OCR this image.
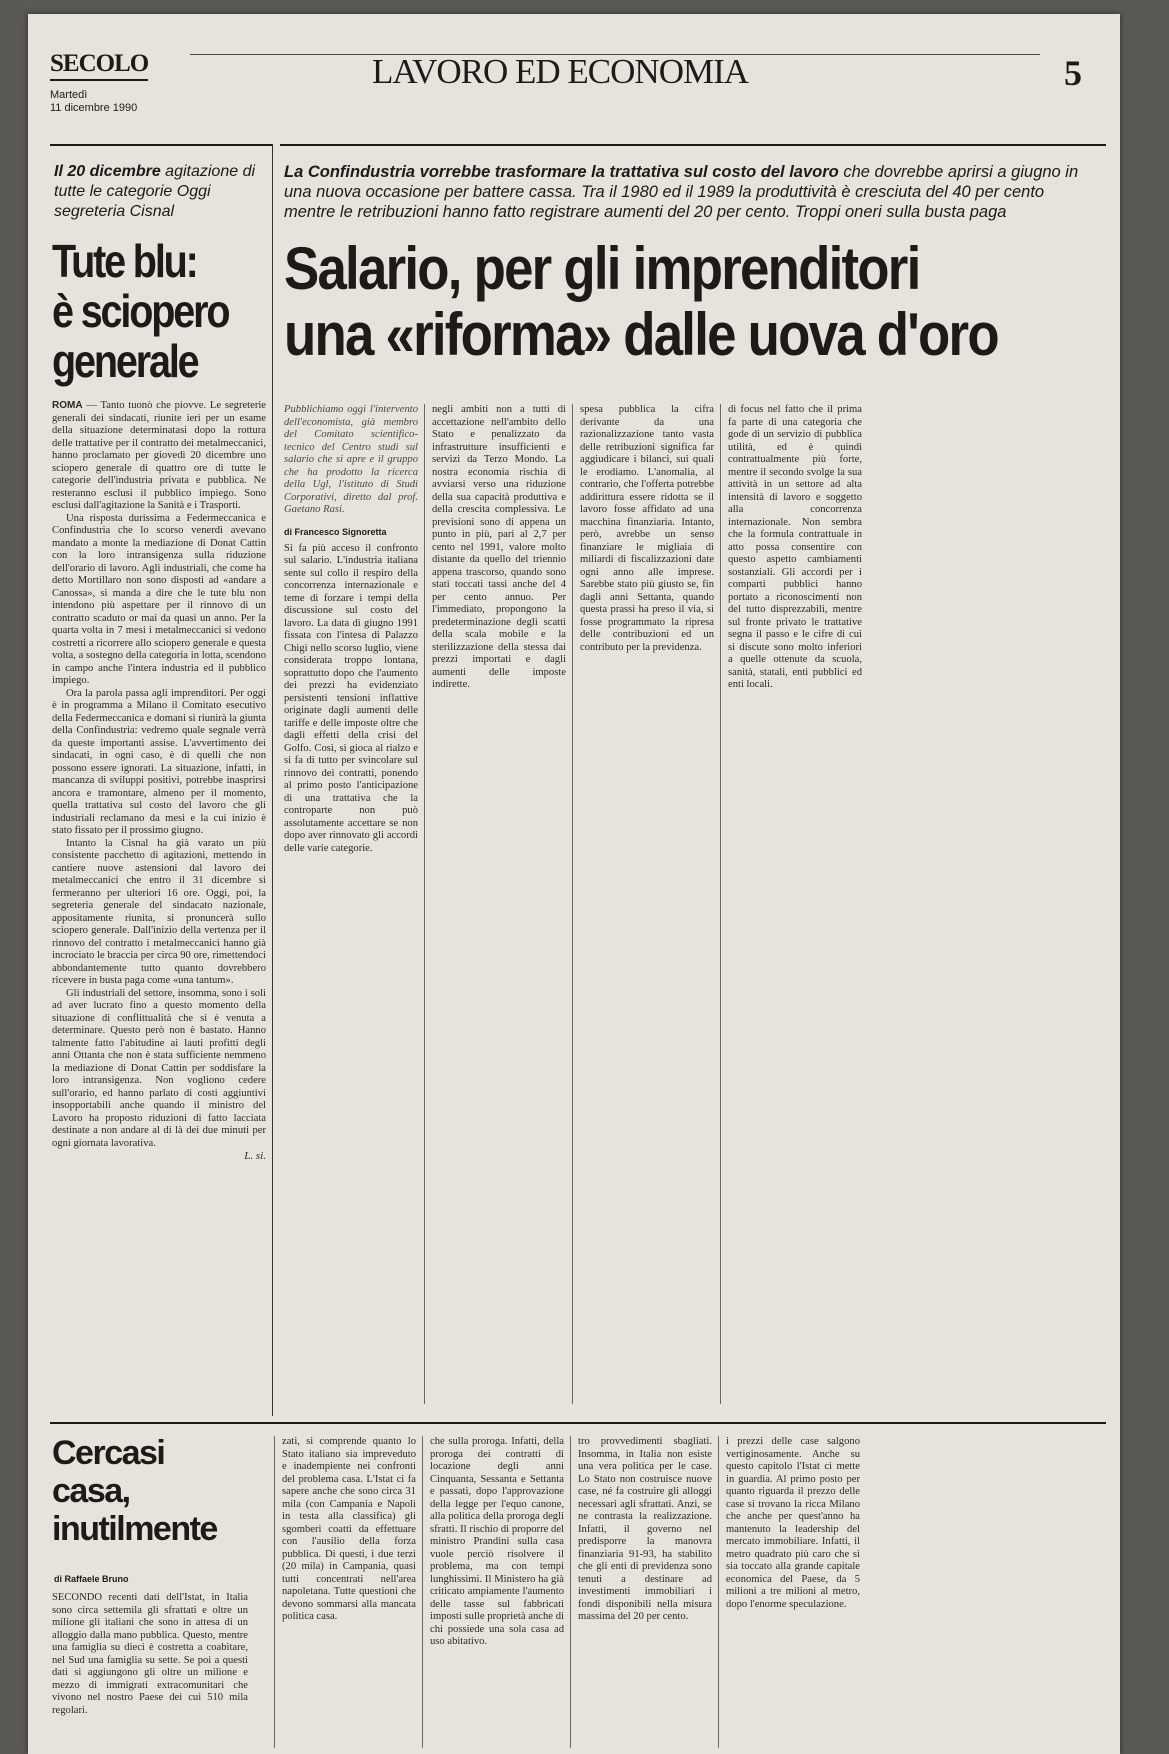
SECOLO
Martedì
11 dicembre 1990
LAVORO ED ECONOMIA	5
Il 20 dicembre agitazione di tutte le categorie Oggi segreteria Cisnal
Tute blu:
è sciopero
generale

ROMA — Tanto tuonò che piovve. Le segreterie generali dei sindacati, riunite ieri per un esame della situazione determinatasi dopo la rottura delle trattative per il contratto dei metalmeccanici, hanno proclamato per giovedì 20 dicembre uno sciopero generale di quattro ore di tutte le categorie dell'industria privata e pubblica. Ne resteranno esclusi il pubblico impiego. Sono esclusi dall'agitazione la Sanità e i Trasporti.

Una risposta durissima a Federmeccanica e Confindustria che lo scorso venerdì avevano mandato a monte la mediazione di Donat Cattin con la loro intransigenza sulla riduzione dell'orario di lavoro. Agli industriali, che come ha detto Mortillaro non sono disposti ad «andare a Canossa», si manda a dire che le tute blu non intendono più aspettare per il rinnovo di un contratto scaduto or mai da quasi un anno. Per la quarta volta in 7 mesi i metalmeccanici si vedono costretti a ricorrere allo sciopero generale e questa volta, a sostegno della categoria in lotta, scendono in campo anche l'intera industria ed il pubblico impiego.

Ora la parola passa agli imprenditori. Per oggi è in programma a Milano il Comitato esecutivo della Federmeccanica e domani si riunirà la giunta della Confindustria: vedremo quale segnale verrà da queste importanti assise. L'avvertimento dei sindacati, in ogni caso, è di quelli che non possono essere ignorati. La situazione, infatti, in mancanza di sviluppi positivi, potrebbe inasprirsi ancora e tramontare, almeno per il momento, quella trattativa sul costo del lavoro che gli industriali reclamano da mesi e la cui inizio è stato fissato per il prossimo giugno.

Intanto la Cisnal ha già varato un più consistente pacchetto di agitazioni, mettendo in cantiere nuove astensioni dal lavoro dei metalmeccanici che entro il 31 dicembre si fermeranno per ulteriori 16 ore. Oggi, poi, la segreteria generale del sindacato nazionale, appositamente riunita, si pronuncerà sullo sciopero generale. Dall'inizio della vertenza per il rinnovo del contratto i metalmeccanici hanno già incrociato le braccia per circa 90 ore, rimettendoci abbondantemente tutto quanto dovrebbero ricevere in busta paga come «una tantum».

Gli industriali del settore, insomma, sono i soli ad aver lucrato fino a questo momento della situazione di conflittualità che si è venuta a determinare. Questo però non è bastato. Hanno talmente fatto l'abitudine ai lauti profitti degli anni Ottanta che non è stata sufficiente nemmeno la mediazione di Donat Cattin per soddisfare la loro intransigenza. Non vogliono cedere sull'orario, ed hanno parlato di costi aggiuntivi insopportabili anche quando il ministro del Lavoro ha proposto riduzioni di fatto lacciata destinate a non andare al di là dei due minuti per ogni giornata lavorativa.

L. si.
La Confindustria vorrebbe trasformare la trattativa sul costo del lavoro che dovrebbe aprirsi a giugno in una nuova occasione per battere cassa. Tra il 1980 ed il 1989 la produttività è cresciuta del 40 per cento mentre le retribuzioni hanno fatto registrare aumenti del 20 per cento. Troppi oneri sulla busta paga
Salario, per gli imprenditori
una «riforma» dalle uova d'oro
Pubblichiamo oggi l'intervento dell'economista, già membro del Comitato scientifico-tecnico del Centro studi sul salario che si apre e il gruppo che ha prodotto la ricerca della Ugl, l'istituto di Studi Corporativi, diretto dal prof. Gaetano Rasi.
di Francesco Signoretta

Si fa più acceso il confronto sul salario. L'industria italiana sente sul collo il respiro della concorrenza internazionale e teme di forzare i tempi della discussione sul costo del lavoro. La data di giugno 1991 fissata con l'intesa di Palazzo Chigi nello scorso luglio, viene considerata troppo lontana, soprattutto dopo che l'aumento dei prezzi ha evidenziato persistenti tensioni inflattive originate dagli aumenti delle tariffe e delle imposte oltre che dagli effetti della crisi del Golfo. Così, si gioca al rialzo e si fa di tutto per svincolare sul rinnovo dei contratti, ponendo al primo posto l'anticipazione di una trattativa che la controparte non può assolutamente accettare se non dopo aver rinnovato gli accordi delle varie categorie.

negli ambiti non a tutti di accettazione nell'ambito dello Stato e penalizzato da infrastrutture insufficienti e servizi da Terzo Mondo. La nostra economia rischia di avviarsi verso una riduzione della sua capacità produttiva e della crescita complessiva. Le previsioni sono di appena un punto in più, pari al 2,7 per cento nel 1991, valore molto distante da quello del triennio appena trascorso, quando sono stati toccati tassi anche del 4 per cento annuo. Per l'immediato, propongono la predeterminazione degli scatti della scala mobile e la sterilizzazione della stessa dai prezzi importati e dagli aumenti delle imposte indirette.

spesa pubblica la cifra derivante da una razionalizzazione tanto vasta delle retribuzioni significa far aggiudicare i bilanci, sui quali le erodiamo. L'anomalia, al contrario, che l'offerta potrebbe addirittura essere ridotta se il lavoro fosse affidato ad una macchina finanziaria. Intanto, però, avrebbe un senso finanziare le migliaia di miliardi di fiscalizzazioni date ogni anno alle imprese. Sarebbe stato più giusto se, fin dagli anni Settanta, quando questa prassi ha preso il via, si fosse programmato la ripresa delle contribuzioni ed un contributo per la previdenza.

di focus nel fatto che il prima fa parte di una categoria che gode di un servizio di pubblica utilità, ed è quindi contrattualmente più forte, mentre il secondo svolge la sua attività in un settore ad alta intensità di lavoro e soggetto alla concorrenza internazionale. Non sembra che la formula contrattuale in atto possa consentire con questo aspetto cambiamenti sostanziali. Gli accordi per i comparti pubblici hanno portato a riconoscimenti non del tutto disprezzabili, mentre sul fronte privato le trattative segna il passo e le cifre di cui si discute sono molto inferiori a quelle ottenute da scuola, sanità, statali, enti pubblici ed enti locali.

Cercasi
casa,
inutilmente
di Raffaele Bruno

SECONDO recenti dati dell'Istat, in Italia sono circa settemila gli sfrattati e oltre un milione gli italiani che sono in attesa di un alloggio dalla mano pubblica. Questo, mentre una famiglia su dieci è costretta a coabitare, nel Sud una famiglia su sette. Se poi a questi dati si aggiungono gli oltre un milione e mezzo di immigrati extracomunitari che vivono nel nostro Paese dei cui 510 mila regolari.

zati, si comprende quanto lo Stato italiano sia impreveduto e inadempiente nei confronti del problema casa. L'Istat ci fa sapere anche che sono circa 31 mila (con Campania e Napoli in testa alla classifica) gli sgomberi coatti da effettuare con l'ausilio della forza pubblica. Di questi, i due terzi (20 mila) in Campania, quasi tutti concentrati nell'area napoletana. Tutte questioni che devono sommarsi alla mancata politica casa.

che sulla proroga. Infatti, della proroga dei contratti di locazione degli anni Cinquanta, Sessanta e Settanta e passati, dopo l'approvazione della legge per l'equo canone, alla politica della proroga degli sfratti. Il rischio di proporre del ministro Prandini sulla casa vuole perciò risolvere il problema, ma con tempi lunghissimi. Il Ministero ha già criticato ampiamente l'aumento delle tasse sul fabbricati imposti sulle proprietà anche di chi possiede una sola casa ad uso abitativo.

tro provvedimenti sbagliati. Insomma, in Italia non esiste una vera politica per le case. Lo Stato non costruisce nuove case, né fa costruire gli alloggi necessari agli sfrattati. Anzi, se ne contrasta la realizzazione. Infatti, il governo nel predisporre la manovra finanziaria 91-93, ha stabilito che gli enti di previdenza sono tenuti a destinare ad investimenti immobiliari i fondi disponibili nella misura massima del 20 per cento.

i prezzi delle case salgono vertiginosamente. Anche su questo capitolo l'Istat ci mette in guardia. Al primo posto per quanto riguarda il prezzo delle case si trovano la ricca Milano che anche per quest'anno ha mantenuto la leadership del mercato immobiliare. Infatti, il metro quadrato più caro che si sia toccato alla grande capitale economica del Paese, da 5 milioni a tre milioni al metro, dopo l'enorme speculazione.
